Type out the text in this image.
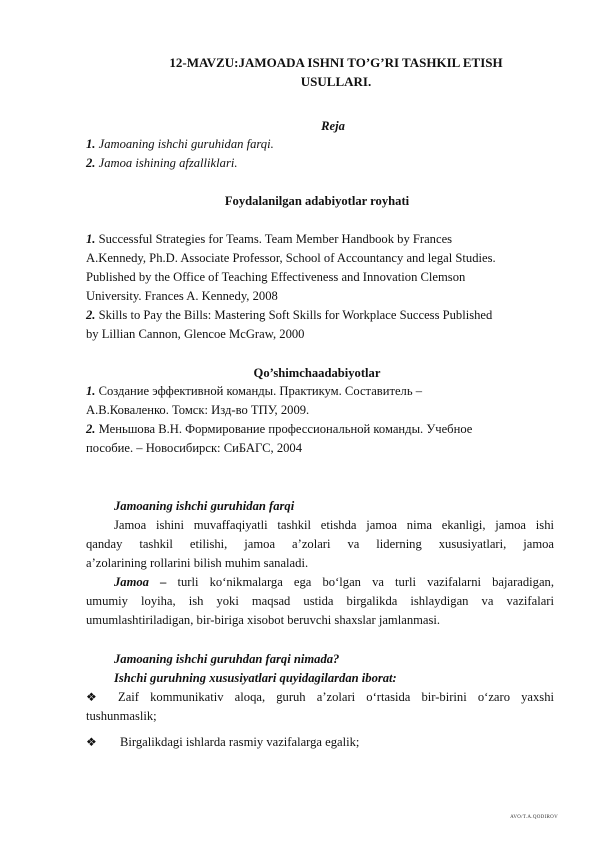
12-MAVZU:JAMOADA ISHNI TO’G’RI TASHKIL ETISH
USULLARI.
Reja
1. Jamoaning ishchi guruhidan farqi.
2. Jamoa ishining afzalliklari.
Foydalanilgan adabiyotlar royhati
1. Successful Strategies for Teams. Team Member Handbook by Frances
A.Kennedy, Ph.D. Associate Professor, School of Accountancy and legal Studies.
Published by the Office of Teaching Effectiveness and Innovation Clemson
University. Frances A. Kennedy, 2008
2. Skills to Pay the Bills: Mastering Soft Skills for Workplace Success Published
by Lillian Cannon, Glencoe McGraw, 2000
Qo’shimchaadabiyotlar
1. Создание эффективной команды. Практикум. Составитель –
А.В.Коваленко. Томск: Изд-во ТПУ, 2009.
2. Меньшова В.Н. Формирование профессиональной команды. Учебное
пособие. – Новосибирск: СиБАГС, 2004
Jamoaning ishchi guruhidan farqi
Jamoa ishini muvaffaqiyatli tashkil etishda jamoa nima ekanligi, jamoa ishi
qanday tashkil etilishi, jamoa a’zolari va liderning xususiyatlari, jamoa
a’zolarining rollarini bilish muhim sanaladi.
Jamoa – turli ko‘nikmalarga ega bo‘lgan va turli vazifalarni bajaradigan,
umumiy loyiha, ish yoki maqsad ustida birgalikda ishlaydigan va vazifalari
umumlashtiriladigan, bir-biriga xisobot beruvchi shaxslar jamlanmasi.
Jamoaning ishchi guruhdan farqi nimada?
Ishchi guruhning xususiyatlari quyidagilardan iborat:
❖	Zaif kommunikativ aloqa, guruh a’zolari o‘rtasida bir-birini o‘zaro yaxshi
tushunmaslik;
❖	Birgalikdagi ishlarda rasmiy vazifalarga egalik;
AVO/T.A.QODIROV
